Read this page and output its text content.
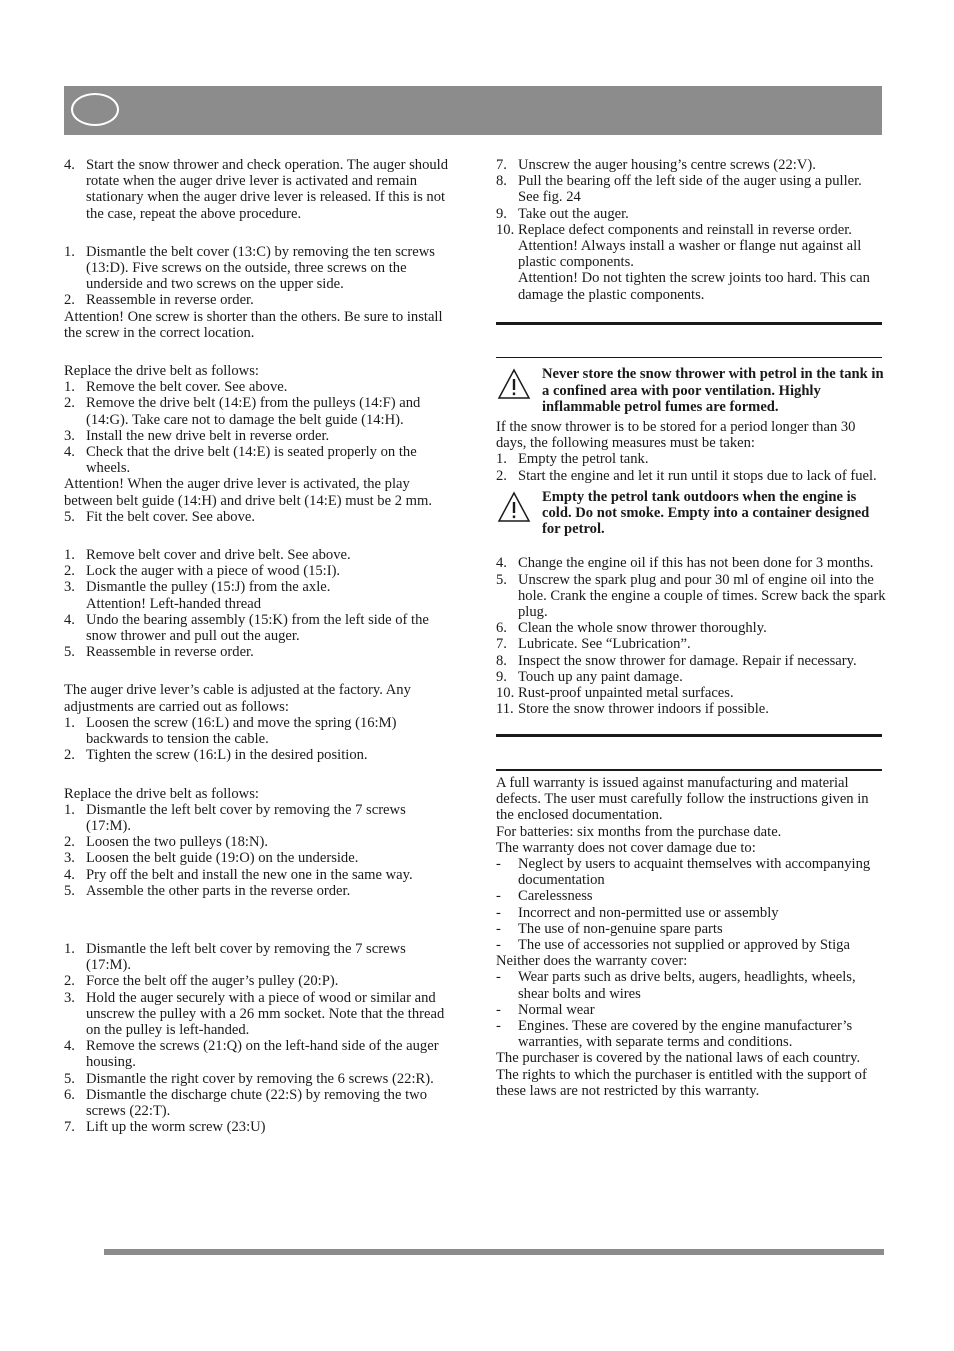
4. Start the snow thrower and check operation. The auger should rotate when the auger drive lever is activated and remain stationary when the auger drive lever is released. If this is not the case, repeat the above procedure.
1. Dismantle the belt cover (13:C) by removing the ten screws (13:D). Five screws on the outside, three screws on the underside and two screws on the upper side.
2. Reassemble in reverse order.

Attention! One screw is shorter than the others. Be sure to install the screw in the correct location.

Replace the drive belt as follows:

1. Remove the belt cover. See above.
2. Remove the drive belt (14:E) from the pulleys (14:F) and (14:G). Take care not to damage the belt guide (14:H).
3. Install the new drive belt in reverse order.
4. Check that the drive belt (14:E) is seated properly on the wheels.

Attention! When the auger drive lever is activated, the play between belt guide (14:H) and drive belt (14:E) must be 2 mm.

5. Fit the belt cover. See above.
1. Remove belt cover and drive belt. See above.
2. Lock the auger with a piece of wood (15:I).
3. Dismantle the pulley (15:J) from the axle.
Attention! Left-handed thread
4. Undo the bearing assembly (15:K) from the left side of the snow thrower and pull out the auger.
5. Reassemble in reverse order.

The auger drive lever’s cable is adjusted at the factory. Any adjustments are carried out as follows:

1. Loosen the screw (16:L) and move the spring (16:M) backwards to tension the cable.
2. Tighten the screw (16:L) in the desired position.

Replace the drive belt as follows:

1. Dismantle the left belt cover by removing the 7 screws (17:M).
2. Loosen the two pulleys (18:N).
3. Loosen the belt guide (19:O) on the underside.
4. Pry off the belt and install the new one in the same way.
5. Assemble the other parts in the reverse order.
1. Dismantle the left belt cover by removing the 7 screws (17:M).
2. Force the belt off the auger’s pulley (20:P).
3. Hold the auger securely with a piece of wood or similar and unscrew the pulley with a 26 mm socket. Note that the thread on the pulley is left-handed.
4. Remove the screws (21:Q) on the left-hand side of the auger housing.
5. Dismantle the right cover by removing the 6 screws (22:R).
6. Dismantle the discharge chute (22:S) by removing the two screws (22:T).
7. Lift up the worm screw (23:U)
7. Unscrew the auger housing’s centre screws (22:V).
8. Pull the bearing off the left side of the auger using a puller. See fig. 24
9. Take out the auger.
10. Replace defect components and reinstall in reverse order.
Attention! Always install a washer or flange nut against all plastic components.
Attention! Do not tighten the screw joints too hard. This can damage the plastic components.
Never store the snow thrower with petrol in the tank in a confined area with poor ventilation. Highly inflammable petrol fumes are formed.

If the snow thrower is to be stored for a period longer than 30 days, the following measures must be taken:

1. Empty the petrol tank.
2. Start the engine and let it run until it stops due to lack of fuel.
Empty the petrol tank outdoors when the engine is cold. Do not smoke. Empty into a container designed for petrol.
4. Change the engine oil if this has not been done for 3 months.
5. Unscrew the spark plug and pour 30 ml of engine oil into the hole. Crank the engine a couple of times. Screw back the spark plug.
6. Clean the whole snow thrower thoroughly.
7. Lubricate. See “Lubrication”.
8. Inspect the snow thrower for damage. Repair if necessary.
9. Touch up any paint damage.
10. Rust-proof unpainted metal surfaces.
11. Store the snow thrower indoors if possible.

A full warranty is issued against manufacturing and material defects. The user must carefully follow the instructions given in the enclosed documentation.

For batteries: six months from the purchase date.

The warranty does not cover damage due to:

-	Neglect by users to acquaint themselves with accompanying documentation
-	Carelessness
-	Incorrect and non-permitted use or assembly
-	The use of non-genuine spare parts
-	The use of accessories not supplied or approved by Stiga

Neither does the warranty cover:

-	Wear parts such as drive belts, augers, headlights, wheels, shear bolts and wires
-	Normal wear
-	Engines. These are covered by the engine manufacturer’s warranties, with separate terms and conditions.

The purchaser is covered by the national laws of each country. The rights to which the purchaser is entitled with the support of these laws are not restricted by this warranty.
